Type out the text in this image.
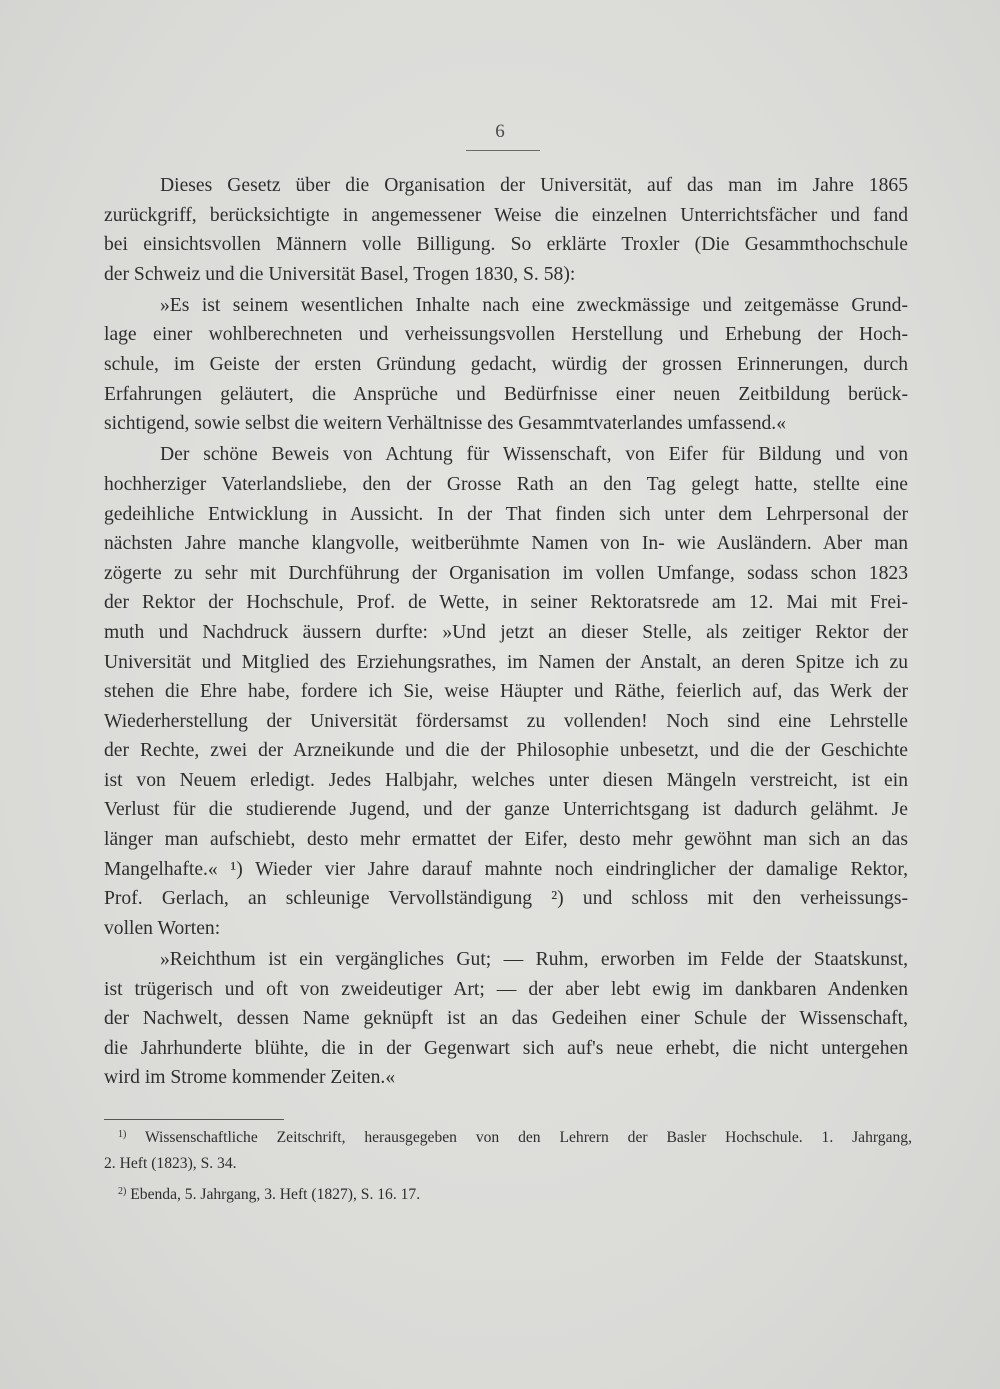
6

Dieses Gesetz über die Organisation der Universität, auf das man im Jahre 1865
zurückgriff, berücksichtigte in angemessener Weise die einzelnen Unterrichtsfächer und fand
bei einsichtsvollen Männern volle Billigung. So erklärte Troxler (Die Gesammthochschule
der Schweiz und die Universität Basel, Trogen 1830, S. 58):

»Es ist seinem wesentlichen Inhalte nach eine zweckmässige und zeitgemässe Grund-
lage einer wohlberechneten und verheissungsvollen Herstellung und Erhebung der Hoch-
schule, im Geiste der ersten Gründung gedacht, würdig der grossen Erinnerungen, durch
Erfahrungen geläutert, die Ansprüche und Bedürfnisse einer neuen Zeitbildung berück-
sichtigend, sowie selbst die weitern Verhältnisse des Gesammtvaterlandes umfassend.«

Der schöne Beweis von Achtung für Wissenschaft, von Eifer für Bildung und von
hochherziger Vaterlandsliebe, den der Grosse Rath an den Tag gelegt hatte, stellte eine
gedeihliche Entwicklung in Aussicht. In der That finden sich unter dem Lehrpersonal der
nächsten Jahre manche klangvolle, weitberühmte Namen von In- wie Ausländern. Aber man
zögerte zu sehr mit Durchführung der Organisation im vollen Umfange, sodass schon 1823
der Rektor der Hochschule, Prof. de Wette, in seiner Rektoratsrede am 12. Mai mit Frei-
muth und Nachdruck äussern durfte: »Und jetzt an dieser Stelle, als zeitiger Rektor der
Universität und Mitglied des Erziehungsrathes, im Namen der Anstalt, an deren Spitze ich zu
stehen die Ehre habe, fordere ich Sie, weise Häupter und Räthe, feierlich auf, das Werk der
Wiederherstellung der Universität fördersamst zu vollenden! Noch sind eine Lehrstelle
der Rechte, zwei der Arzneikunde und die der Philosophie unbesetzt, und die der Geschichte
ist von Neuem erledigt. Jedes Halbjahr, welches unter diesen Mängeln verstreicht, ist ein
Verlust für die studierende Jugend, und der ganze Unterrichtsgang ist dadurch gelähmt. Je
länger man aufschiebt, desto mehr ermattet der Eifer, desto mehr gewöhnt man sich an das
Mangelhafte.« ¹) Wieder vier Jahre darauf mahnte noch eindringlicher der damalige Rektor,
Prof. Gerlach, an schleunige Vervollständigung ²) und schloss mit den verheissungs-
vollen Worten:

»Reichthum ist ein vergängliches Gut; — Ruhm, erworben im Felde der Staatskunst,
ist trügerisch und oft von zweideutiger Art; — der aber lebt ewig im dankbaren Andenken
der Nachwelt, dessen Name geknüpft ist an das Gedeihen einer Schule der Wissenschaft,
die Jahrhunderte blühte, die in der Gegenwart sich auf's neue erhebt, die nicht untergehen
wird im Strome kommender Zeiten.«

$^{1)}$ Wissenschaftliche Zeitschrift, herausgegeben von den Lehrern der Basler Hochschule. 1. Jahrgang,
2. Heft (1823), S. 34.

$^{2)}$ Ebenda, 5. Jahrgang, 3. Heft (1827), S. 16. 17.
